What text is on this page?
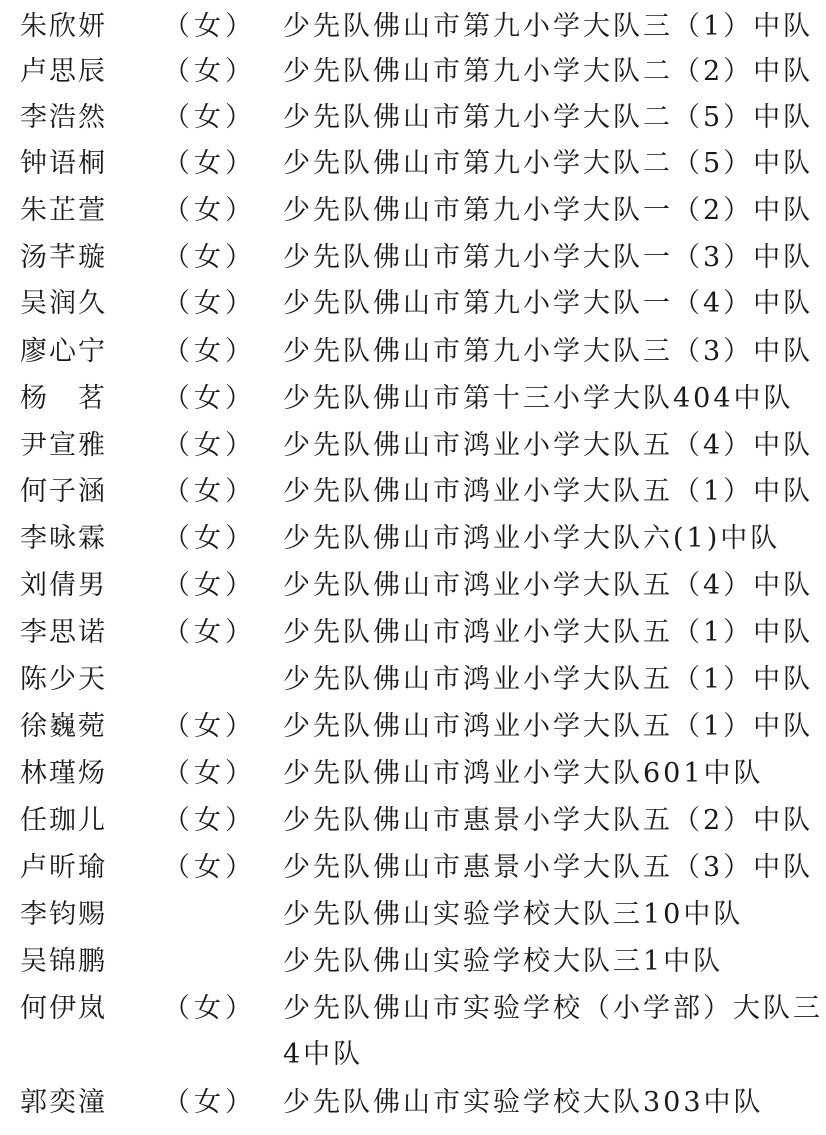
朱欣妍 （女） 少先队佛山市第九小学大队三（1）中队
卢思辰 （女） 少先队佛山市第九小学大队二（2）中队
李浩然 （女） 少先队佛山市第九小学大队二（5）中队
钟语桐 （女） 少先队佛山市第九小学大队二（5）中队
朱芷萱 （女） 少先队佛山市第九小学大队一（2）中队
汤芊璇 （女） 少先队佛山市第九小学大队一（3）中队
吴润久 （女） 少先队佛山市第九小学大队一（4）中队
廖心宁 （女） 少先队佛山市第九小学大队三（3）中队
杨　茗 （女） 少先队佛山市第十三小学大队404中队
尹宣雅 （女） 少先队佛山市鸿业小学大队五（4）中队
何子涵 （女） 少先队佛山市鸿业小学大队五（1）中队
李咏霖 （女） 少先队佛山市鸿业小学大队六(1)中队
刘倩男 （女） 少先队佛山市鸿业小学大队五（4）中队
李思诺 （女） 少先队佛山市鸿业小学大队五（1）中队
陈少天	少先队佛山市鸿业小学大队五（1）中队
徐巍菀 （女） 少先队佛山市鸿业小学大队五（1）中队
林瑾炀 （女） 少先队佛山市鸿业小学大队601中队
任珈儿 （女） 少先队佛山市惠景小学大队五（2）中队
卢昕瑜 （女） 少先队佛山市惠景小学大队五（3）中队
李钧赐	少先队佛山实验学校大队三10中队
吴锦鹏	少先队佛山实验学校大队三1中队
何伊岚 （女） 少先队佛山市实验学校（小学部）大队三4中队
郭奕潼 （女） 少先队佛山市实验学校大队303中队
